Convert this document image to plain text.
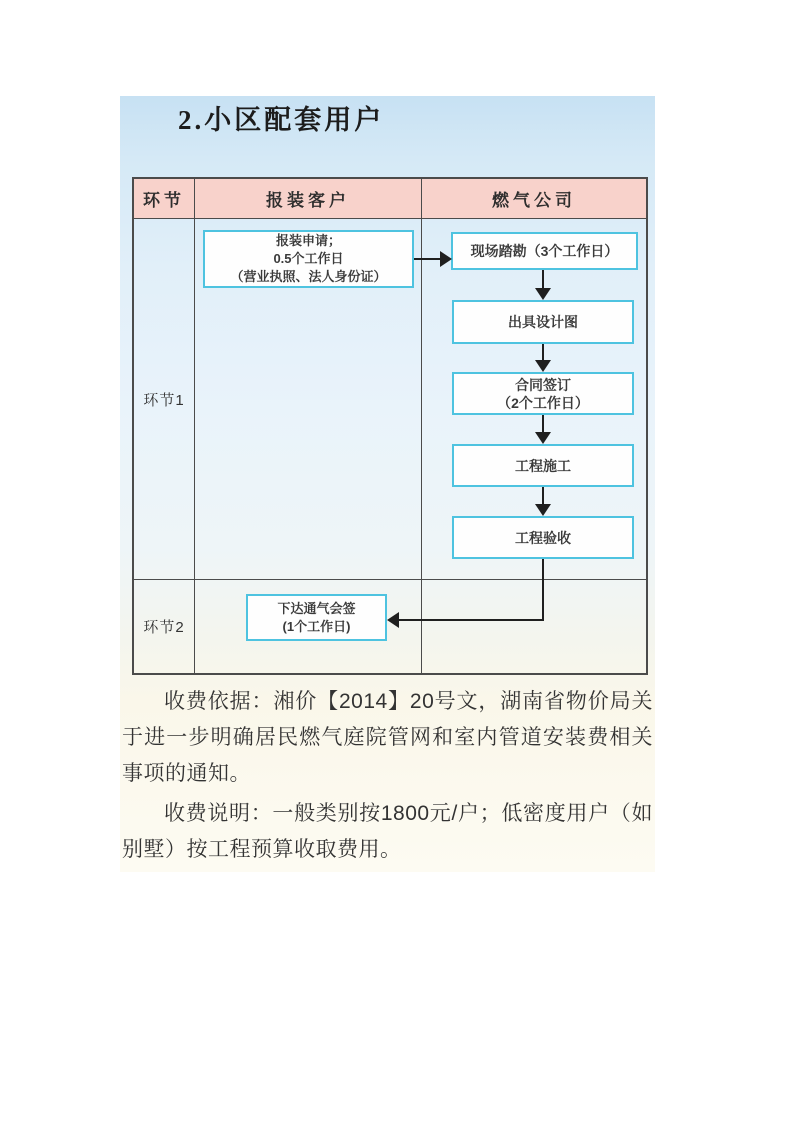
2.小区配套用户
环节	报装客户	燃气公司
环节1
环节2
报装申请；
0.5个工作日
（营业执照、法人身份证）
现场踏勘（3个工作日）
出具设计图
合同签订
（2个工作日）
工程施工
工程验收
下达通气会签
(1个工作日)

收费依据：湘价【2014】20号文，湖南省物价局关于进一步明确居民燃气庭院管网和室内管道安装费相关事项的通知。

收费说明：一般类别按1800元/户；低密度用户（如别墅）按工程预算收取费用。
